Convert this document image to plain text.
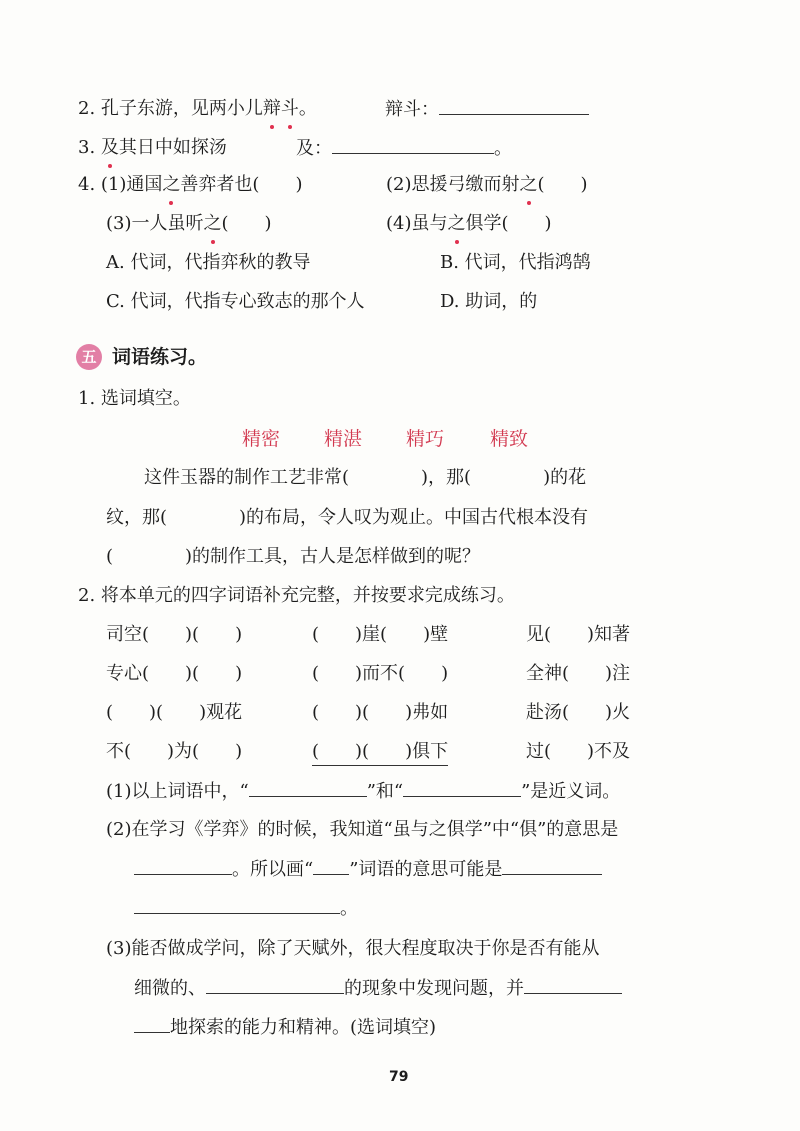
2. 孔子东游，见两小儿辩斗。	辩斗：
3. 及其日中如探汤	及：	。
4. (1)通国之善弈者也(　　)	(2)思援弓缴而射之(　　)
(3)一人虽听之(　　)	(4)虽与之俱学(　　)
A. 代词，代指弈秋的教导	B. 代词，代指鸿鹄
C. 代词，代指专心致志的那个人	D. 助词，的
五 词语练习。
1. 选词填空。
精密 精湛 精巧 精致
这件玉器的制作工艺非常(　　　　)，那(　　　　)的花
纹，那(　　　　)的布局，令人叹为观止。中国古代根本没有
(　　　　)的制作工具，古人是怎样做到的呢？
2. 将本单元的四字词语补充完整，并按要求完成练习。
司空(　　)(　　)	(　　)崖(　　)壁	见(　　)知著
专心(　　)(　　)	(　　)而不(　　)	全神(　　)注
(　　)(　　)观花	(　　)(　　)弗如	赴汤(　　)火
不(　　)为(　　)	(　　)(　　)俱下	过(　　)不及
(1)以上词语中，“	”和“	”是近义词。
(2)在学习《学弈》的时候，我知道“虽与之俱学”中“俱”的意思是
。所以画“ ”词语的意思可能是
。
(3)能否做成学问，除了天赋外，很大程度取决于你是否有能从
细微的、	的现象中发现问题，并
地探索的能力和精神。(选词填空)
79
